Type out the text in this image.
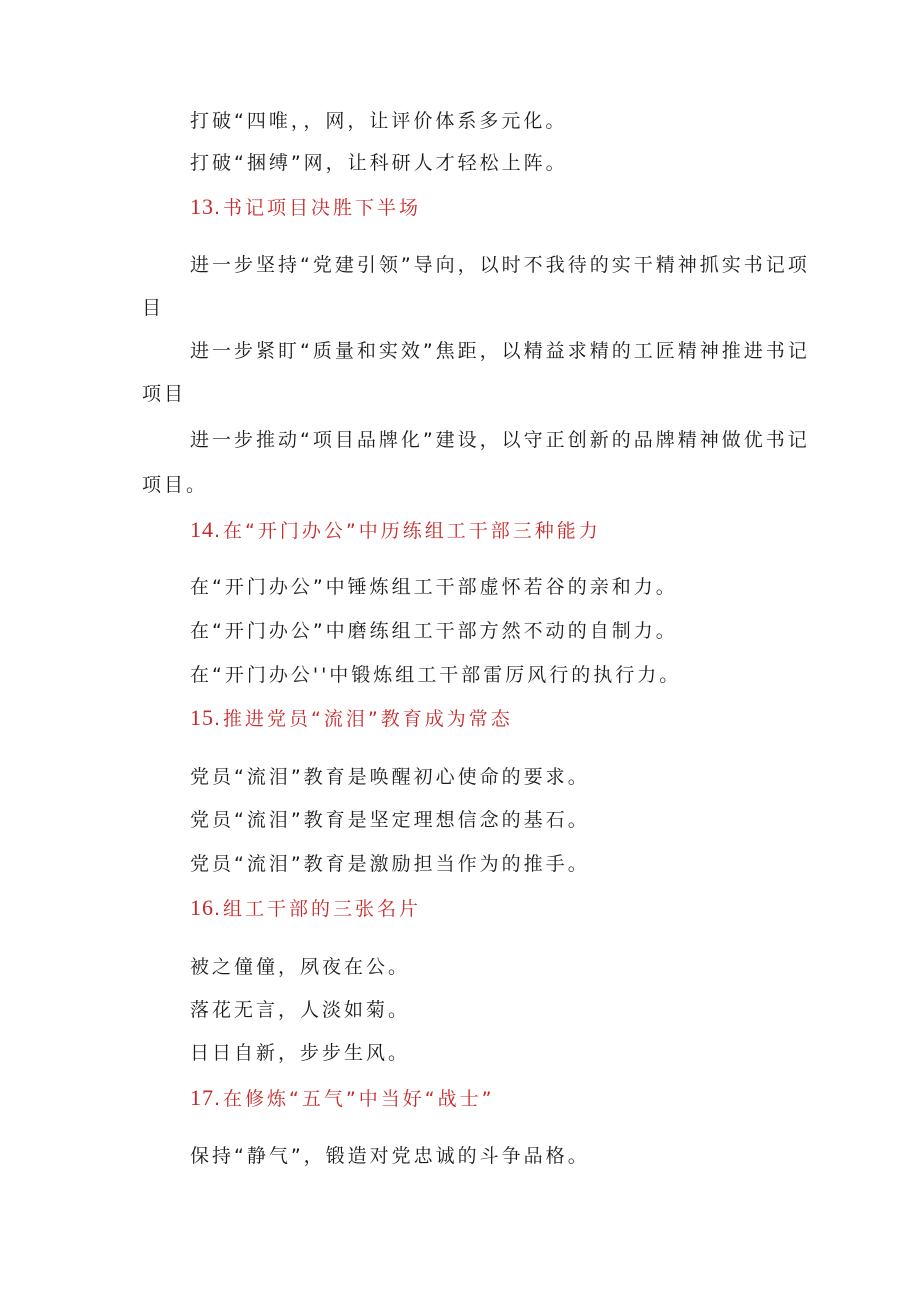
打破“四唯，，网，让评价体系多元化。
打破“捆缚”网，让科研人才轻松上阵。
13.书记项目决胜下半场
进一步坚持“党建引领”导向，以时不我待的实干精神抓实书记项
目
进一步紧盯“质量和实效”焦距，以精益求精的工匠精神推进书记
项目
进一步推动“项目品牌化”建设，以守正创新的品牌精神做优书记
项目。
14.在“开门办公”中历练组工干部三种能力
在“开门办公”中锤炼组工干部虚怀若谷的亲和力。
在“开门办公”中磨练组工干部方然不动的自制力。
在“开门办公''中锻炼组工干部雷厉风行的执行力。
15.推进党员“流泪”教育成为常态
党员“流泪”教育是唤醒初心使命的要求。
党员“流泪”教育是坚定理想信念的基石。
党员“流泪”教育是激励担当作为的推手。
16.组工干部的三张名片
被之僮僮，夙夜在公。
落花无言，人淡如菊。
日日自新，步步生风。
17.在修炼“五气”中当好“战士”
保持“静气”，锻造对党忠诚的斗争品格。
